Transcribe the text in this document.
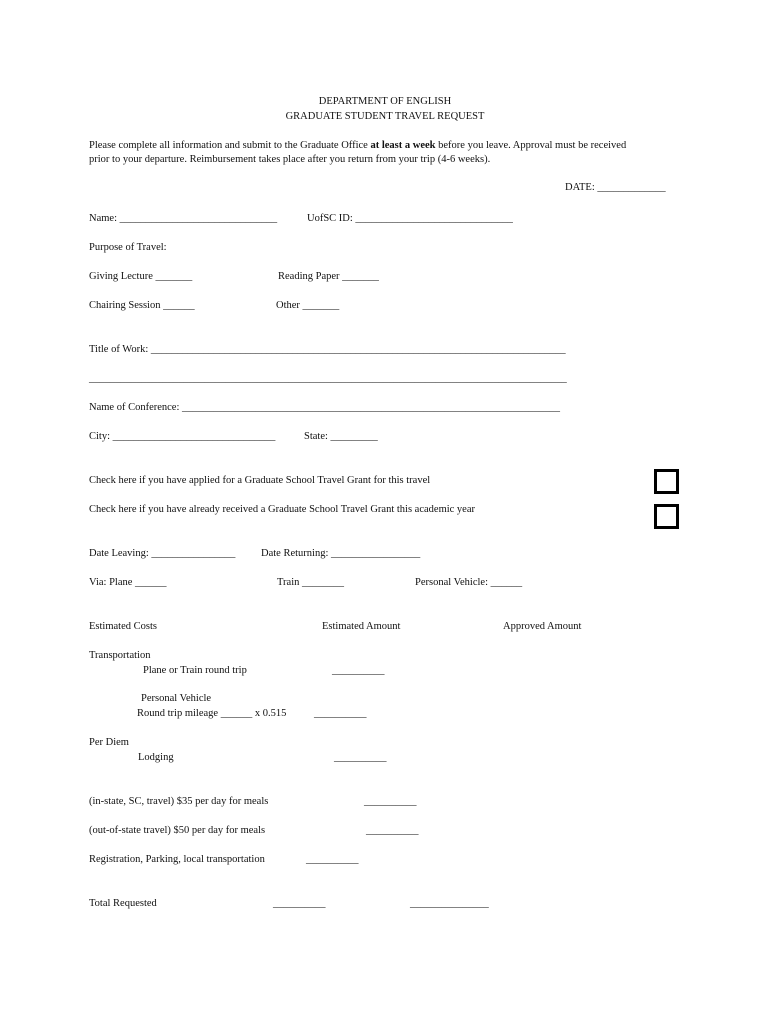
DEPARTMENT OF ENGLISH
GRADUATE STUDENT TRAVEL REQUEST
Please complete all information and submit to the Graduate Office at least a week before you leave. Approval must be received
prior to your departure. Reimbursement takes place after you return from your trip (4-6 weeks).
DATE: _____________
Name: ______________________________	UofSC ID: ______________________________
Purpose of Travel:
Giving Lecture _______	Reading Paper _______
Chairing Session ______	Other _______
Title of Work: _______________________________________________________________________________
___________________________________________________________________________________________
Name of Conference: ________________________________________________________________________
City: _______________________________	State: _________
Check here if you have applied for a Graduate School Travel Grant for this travel
Check here if you have already received a Graduate School Travel Grant this academic year
Date Leaving: ________________ Date Returning: _________________
Via: Plane ______	Train ________	Personal Vehicle: ______
Estimated Costs	Estimated Amount	Approved Amount
Transportation
Plane or Train round trip	__________
Personal Vehicle
Round trip mileage ______ x 0.515	__________
Per Diem
Lodging	__________
(in-state, SC, travel) $35 per day for meals	__________
(out-of-state travel) $50 per day for meals	__________
Registration, Parking, local transportation	__________
Total Requested	__________	_______________
